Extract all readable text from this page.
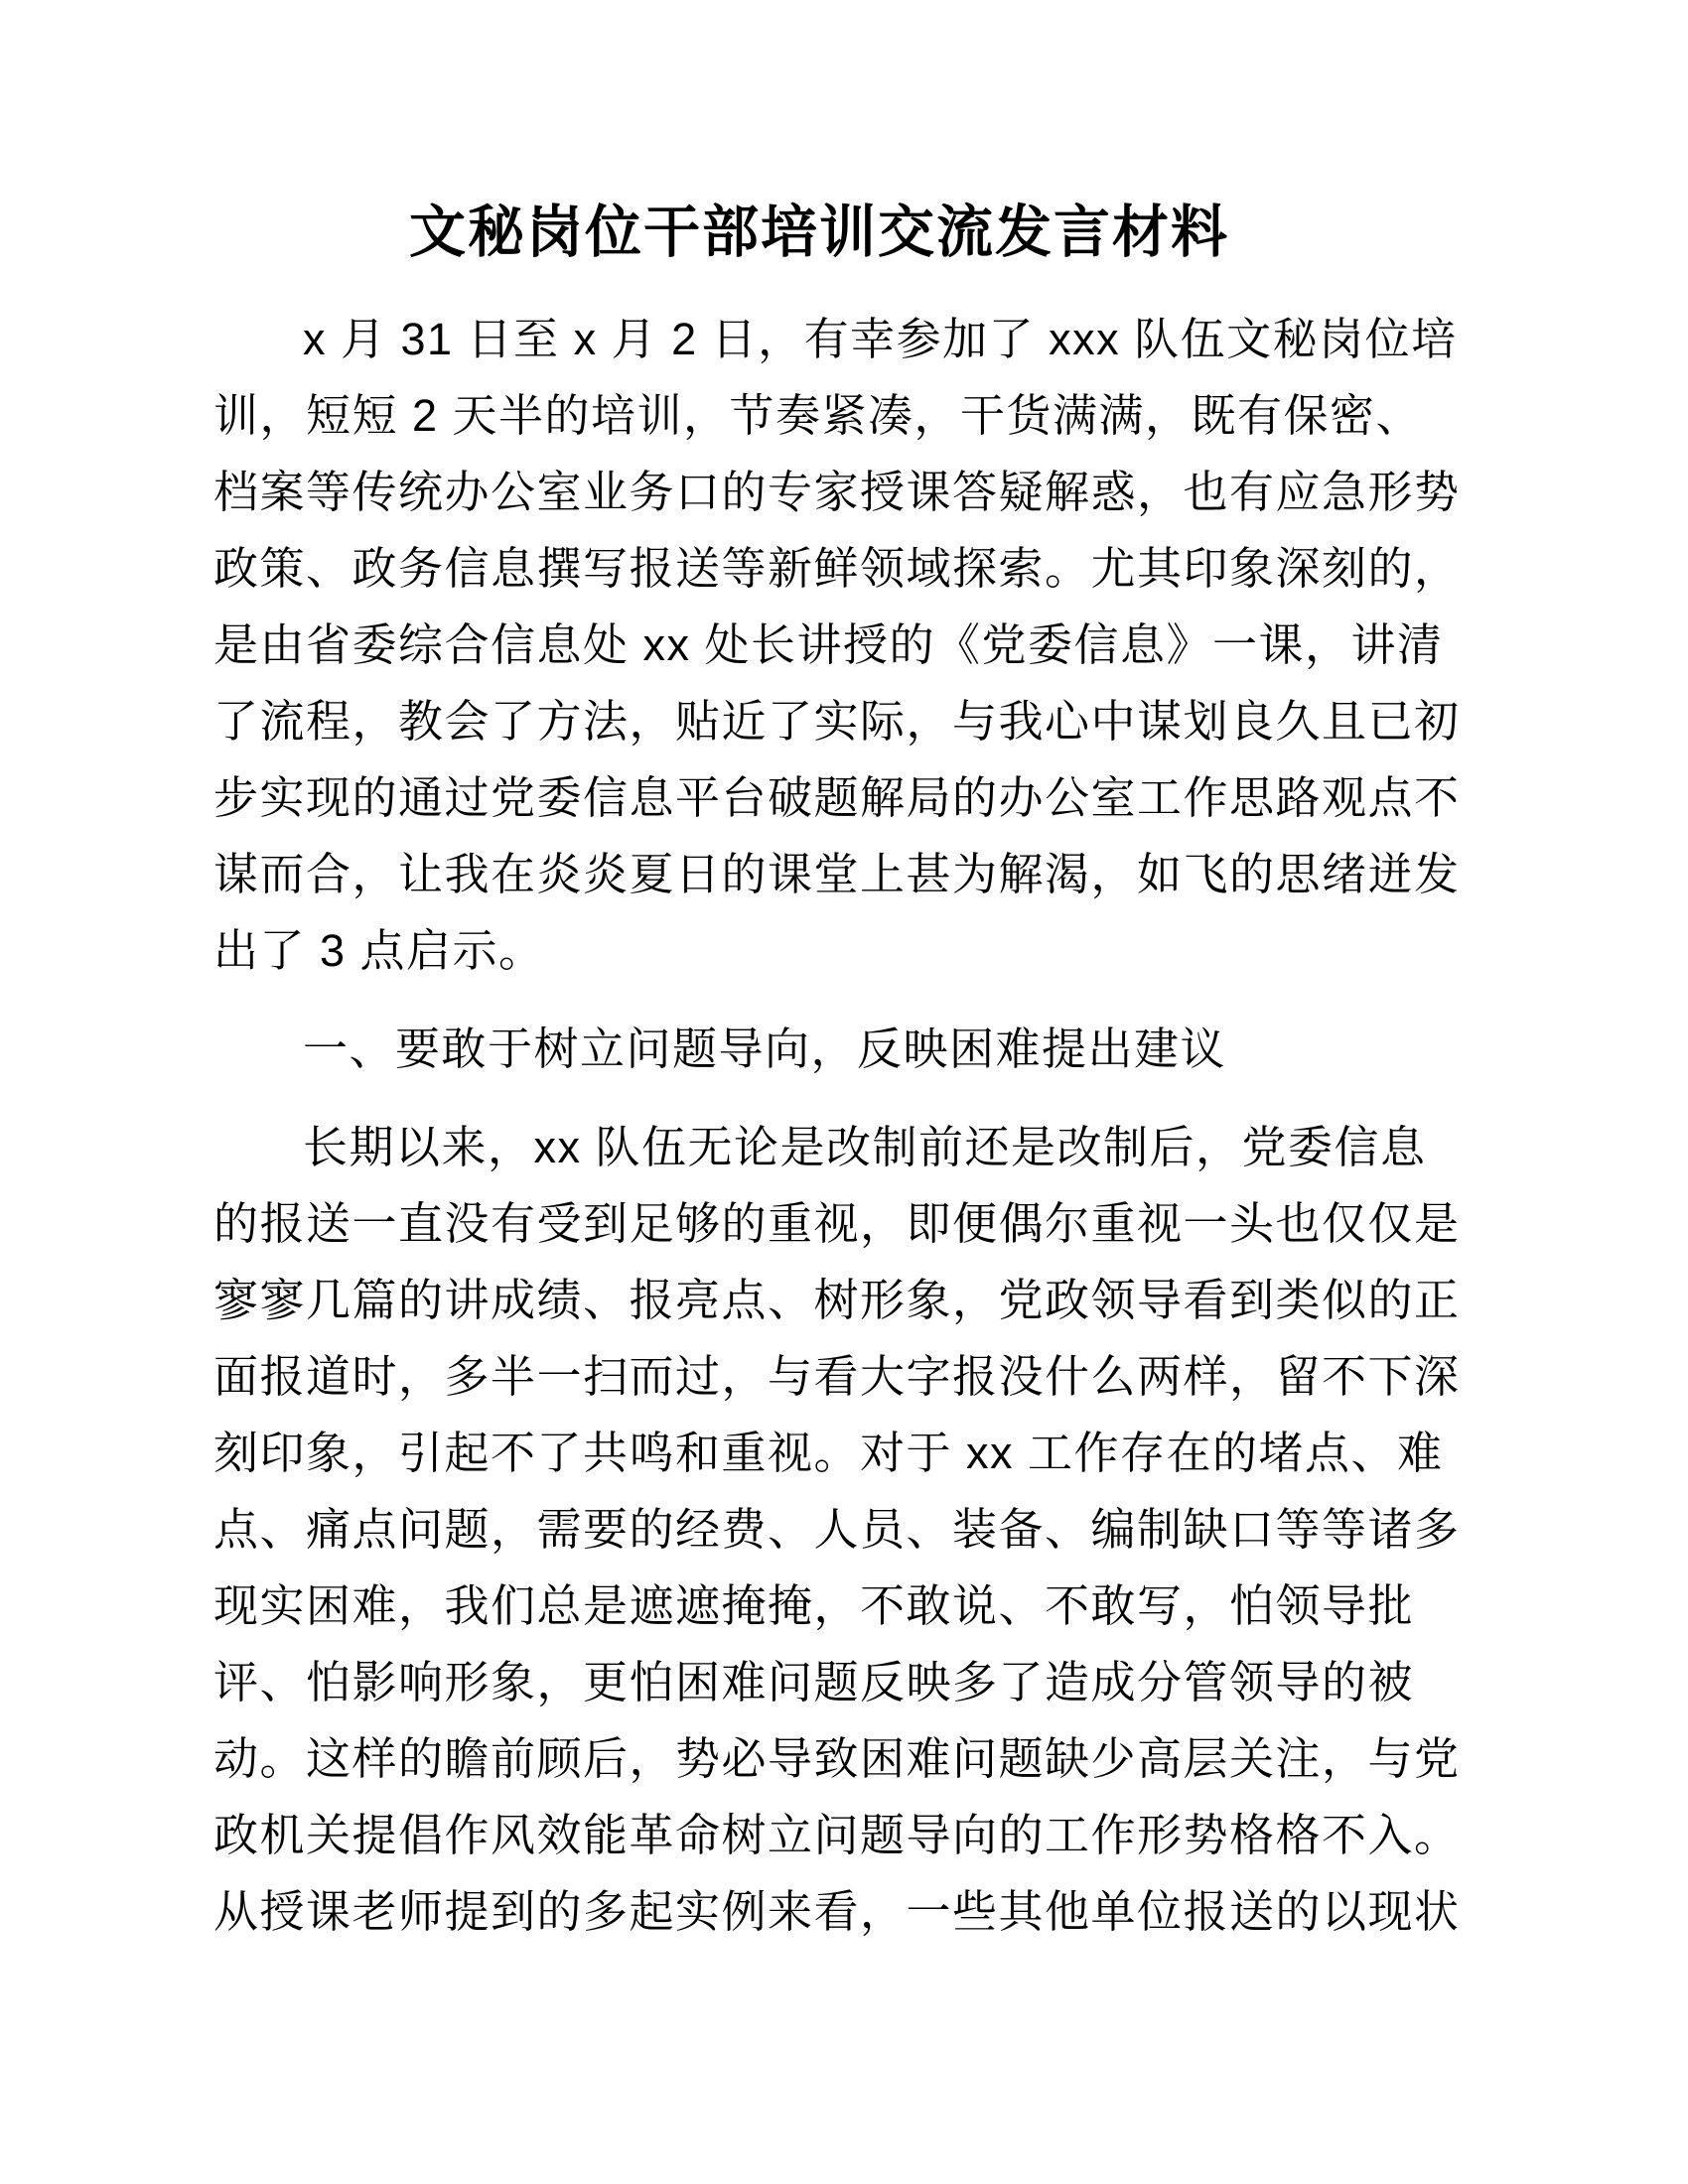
文秘岗位干部培训交流发言材料
x 月 31 日至 x 月 2 日，有幸参加了 xxx 队伍文秘岗位培
训，短短 2 天半的培训，节奏紧凑，干货满满，既有保密、
档案等传统办公室业务口的专家授课答疑解惑，也有应急形势
政策、政务信息撰写报送等新鲜领域探索。尤其印象深刻的，
是由省委综合信息处 xx 处长讲授的《党委信息》一课，讲清
了流程，教会了方法，贴近了实际，与我心中谋划良久且已初
步实现的通过党委信息平台破题解局的办公室工作思路观点不
谋而合，让我在炎炎夏日的课堂上甚为解渴，如飞的思绪迸发
出了 3 点启示。
一、要敢于树立问题导向，反映困难提出建议
长期以来，xx 队伍无论是改制前还是改制后，党委信息
的报送一直没有受到足够的重视，即便偶尔重视一头也仅仅是
寥寥几篇的讲成绩、报亮点、树形象，党政领导看到类似的正
面报道时，多半一扫而过，与看大字报没什么两样，留不下深
刻印象，引起不了共鸣和重视。对于 xx 工作存在的堵点、难
点、痛点问题，需要的经费、人员、装备、编制缺口等等诸多
现实困难，我们总是遮遮掩掩，不敢说、不敢写，怕领导批
评、怕影响形象，更怕困难问题反映多了造成分管领导的被
动。这样的瞻前顾后，势必导致困难问题缺少高层关注，与党
政机关提倡作风效能革命树立问题导向的工作形势格格不入。
从授课老师提到的多起实例来看，一些其他单位报送的以现状
